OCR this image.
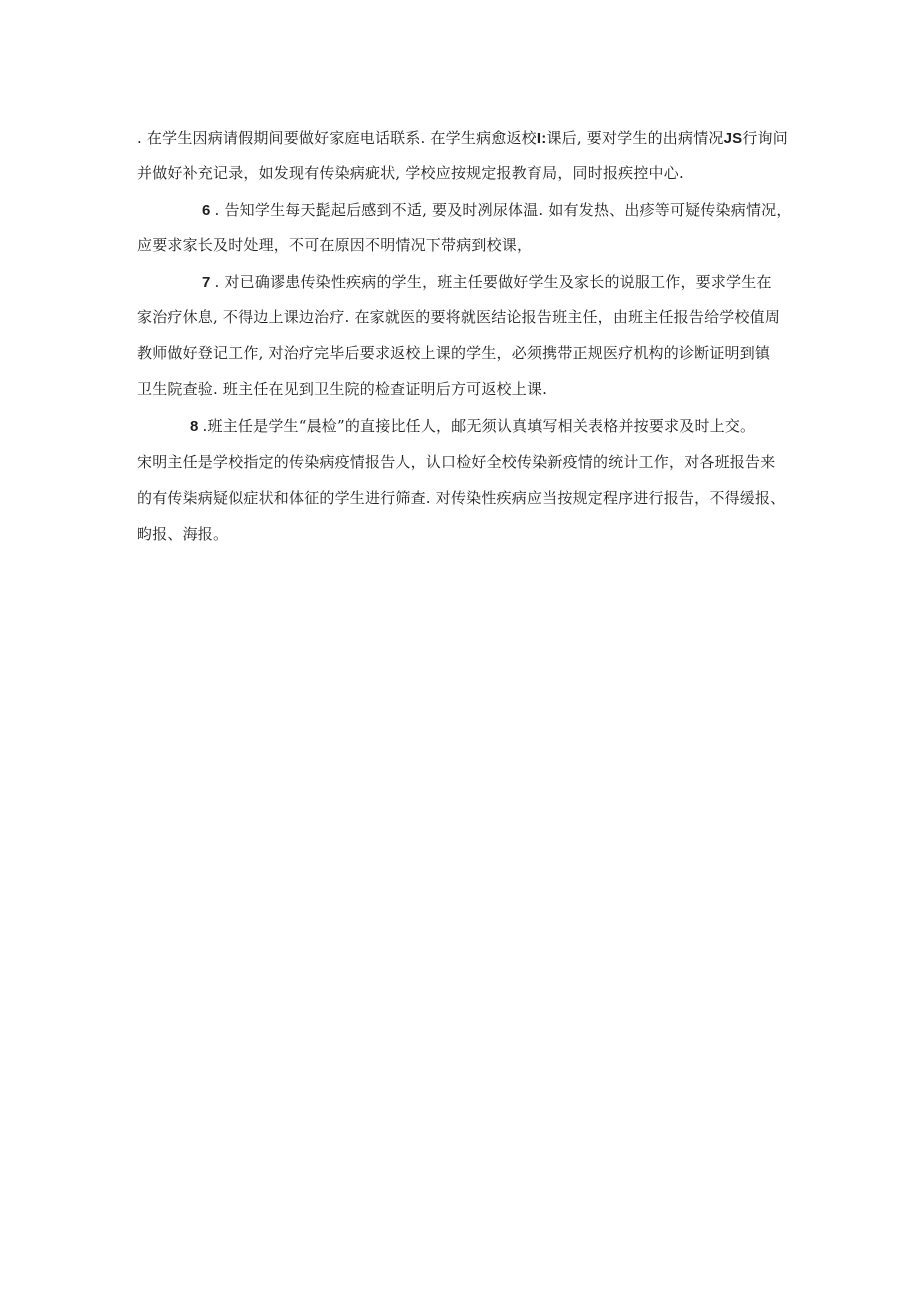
. 在学生因病请假期间要做好家庭电话联系. 在学生病愈返校I:课后, 要对学生的出病情况JS行询问
并做好补充记录，如发现有传染病疵状, 学校应按规定报教育局，同时报疾控中心.
6 . 告知学生每天髭起后感到不适, 要及时冽尿体温. 如有发热、出疹等可疑传染病情况，
应要求家长及时处理，不可在原因不明情况下带病到校课，
7 . 对已确谬患传染性疾病的学生，班主任要做好学生及家长的说服工作，要求学生在
家治疗休息, 不得边上课边治疗. 在家就医的要将就医结论报告班主任，由班主任报告给学校值周
教师做好登记工作, 对治疗完毕后要求返校上课的学生，必须携带正规医疗机构的诊断证明到镇
卫生院查验. 班主任在见到卫生院的检查证明后方可返校上课.
8 .班主任是学生“晨检”的直接比任人，邮无须认真填写相关表格并按要求及时上交。
宋明主任是学校指定的传染病疫情报告人，认口检好全校传染新疫情的统计工作，对各班报告来
的有传柒病疑似症状和体征的学生进行筛查. 对传染性疾病应当按规定程序进行报告，不得缓报、
畇报、海报。
